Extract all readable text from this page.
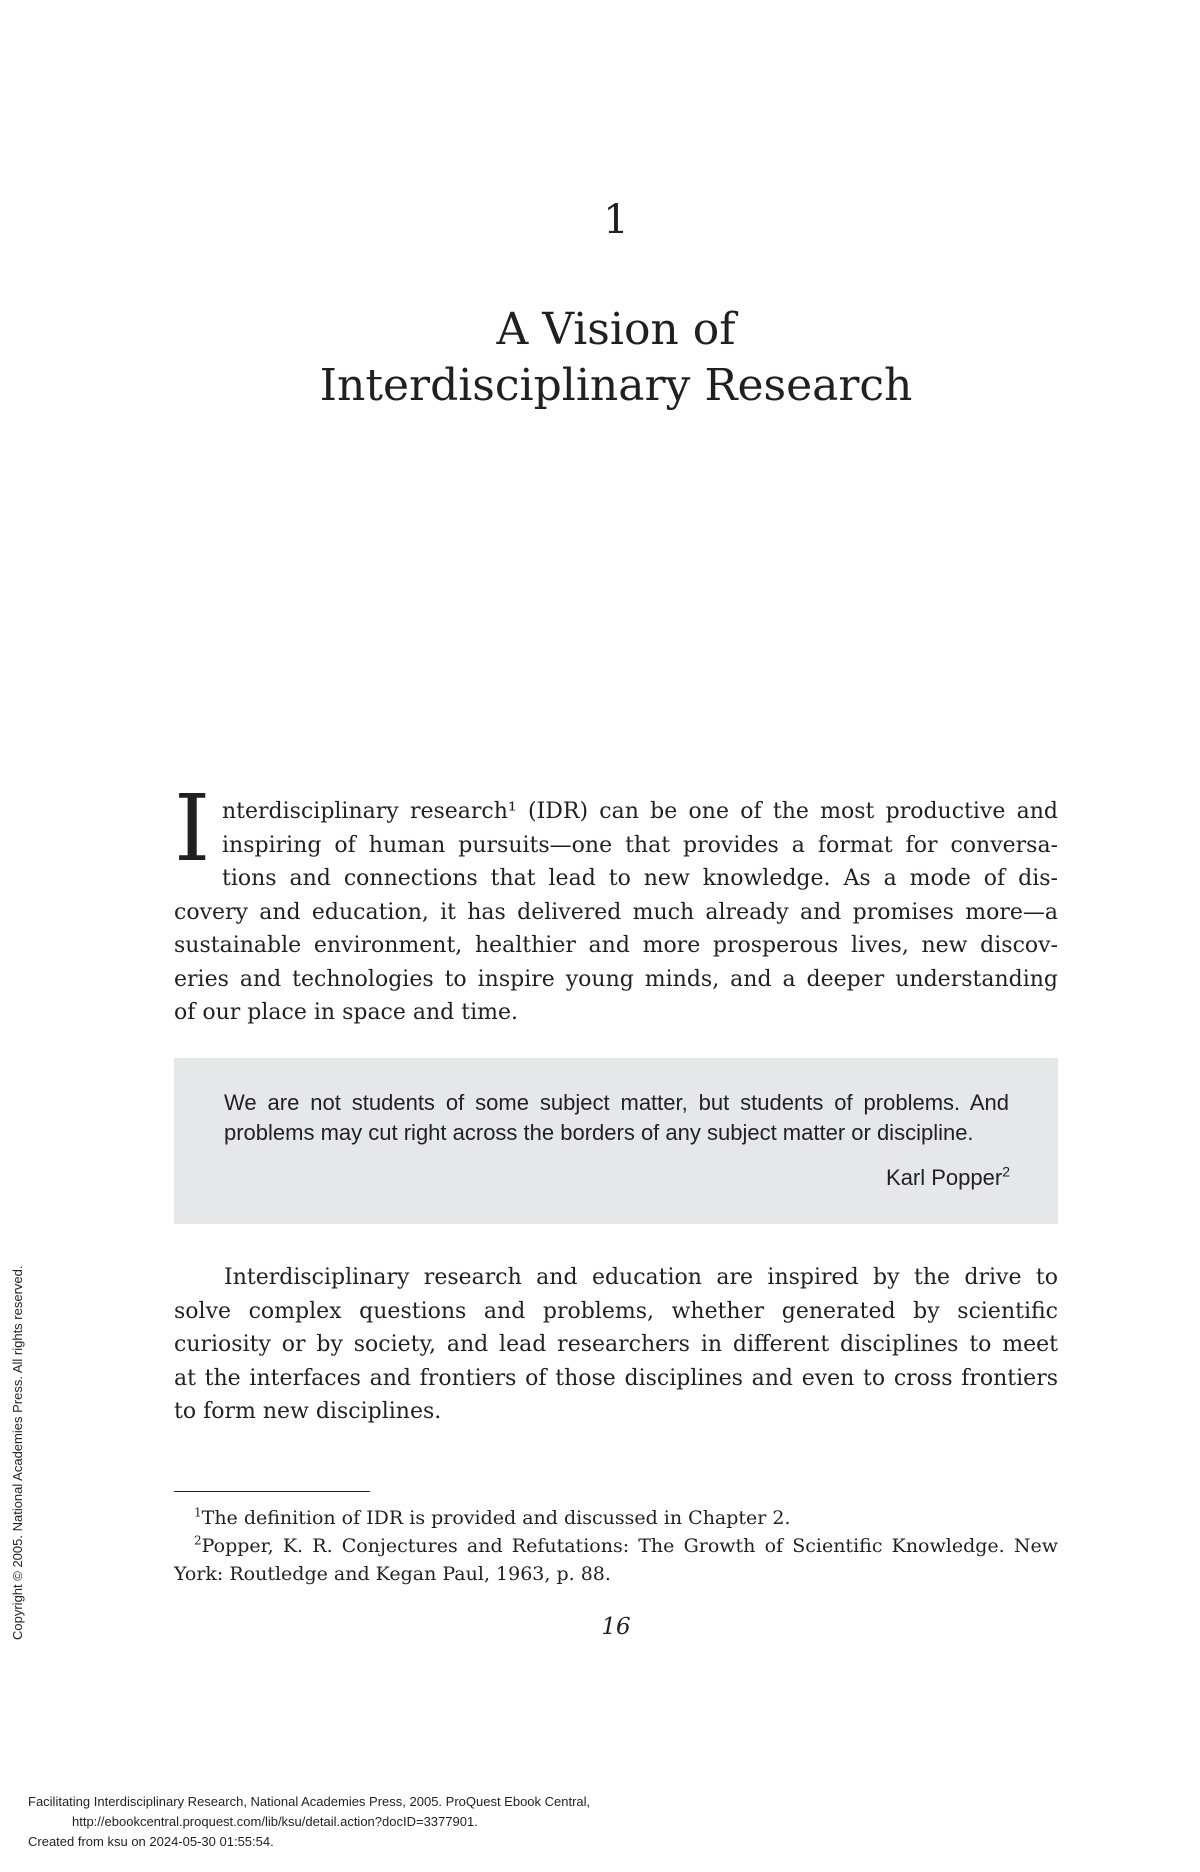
1
A Vision of
Interdisciplinary Research
I nterdisciplinary research¹ (IDR) can be one of the most productive and
inspiring of human pursuits—one that provides a format for conversa-
tions and connections that lead to new knowledge. As a mode of dis-
covery and education, it has delivered much already and promises more—a
sustainable environment, healthier and more prosperous lives, new discov-
eries and technologies to inspire young minds, and a deeper understanding
of our place in space and time.
We are not students of some subject matter, but students of problems. And
problems may cut right across the borders of any subject matter or discipline.
Karl Popper$^2$
Interdisciplinary research and education are inspired by the drive to
solve complex questions and problems, whether generated by scientific
curiosity or by society, and lead researchers in different disciplines to meet
at the interfaces and frontiers of those disciplines and even to cross frontiers
to form new disciplines.
$^1$The definition of IDR is provided and discussed in Chapter 2.
$^2$Popper, K. R. Conjectures and Refutations: The Growth of Scientific Knowledge. New
York: Routledge and Kegan Paul, 1963, p. 88.
16
Copyright © 2005. National Academies Press. All rights reserved.
Facilitating Interdisciplinary Research, National Academies Press, 2005. ProQuest Ebook Central,
http://ebookcentral.proquest.com/lib/ksu/detail.action?docID=3377901.
Created from ksu on 2024-05-30 01:55:54.
